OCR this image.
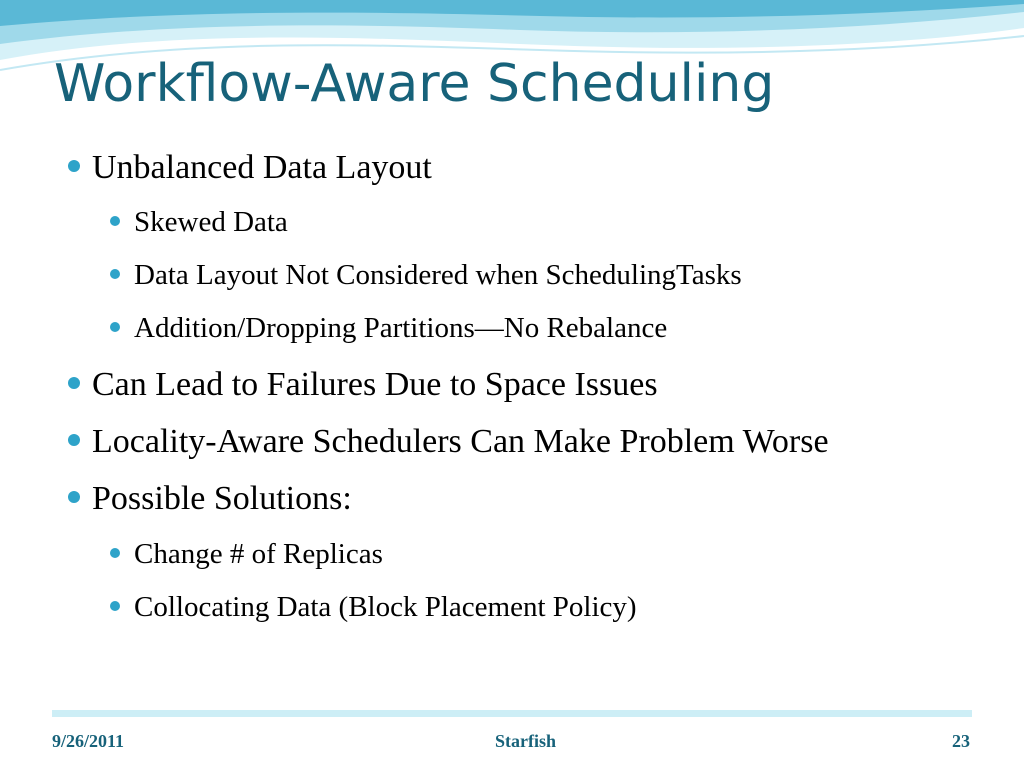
Workflow-Aware Scheduling
Unbalanced Data Layout
Skewed Data
Data Layout Not Considered when SchedulingTasks
Addition/Dropping Partitions—No Rebalance
Can Lead to Failures Due to Space Issues
Locality-Aware Schedulers Can Make Problem Worse
Possible Solutions:
Change # of Replicas
Collocating Data (Block Placement Policy)
9/26/2011	Starfish	23
